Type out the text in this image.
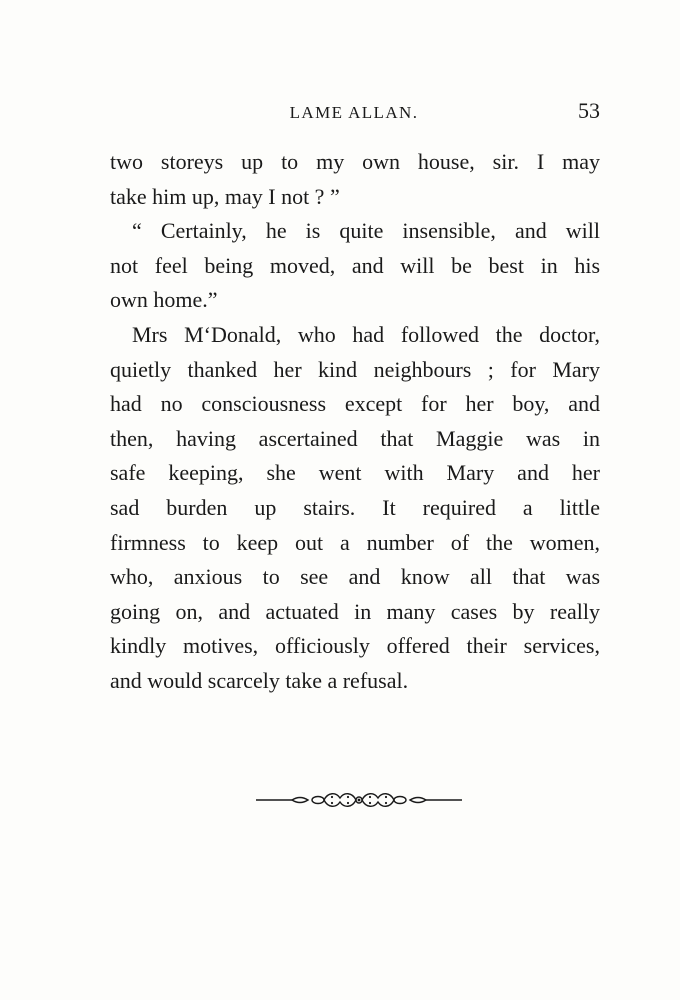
LAME ALLAN.	53
two storeys up to my own house, sir. I may
take him up, may I not ? ”
“ Certainly, he is quite insensible, and will
not feel being moved, and will be best in his
own home.”
Mrs M‘Donald, who had followed the doctor,
quietly thanked her kind neighbours ; for Mary
had no consciousness except for her boy, and
then, having ascertained that Maggie was in
safe keeping, she went with Mary and her
sad burden up stairs. It required a little
firmness to keep out a number of the women,
who, anxious to see and know all that was
going on, and actuated in many cases by really
kindly motives, officiously offered their services,
and would scarcely take a refusal.
